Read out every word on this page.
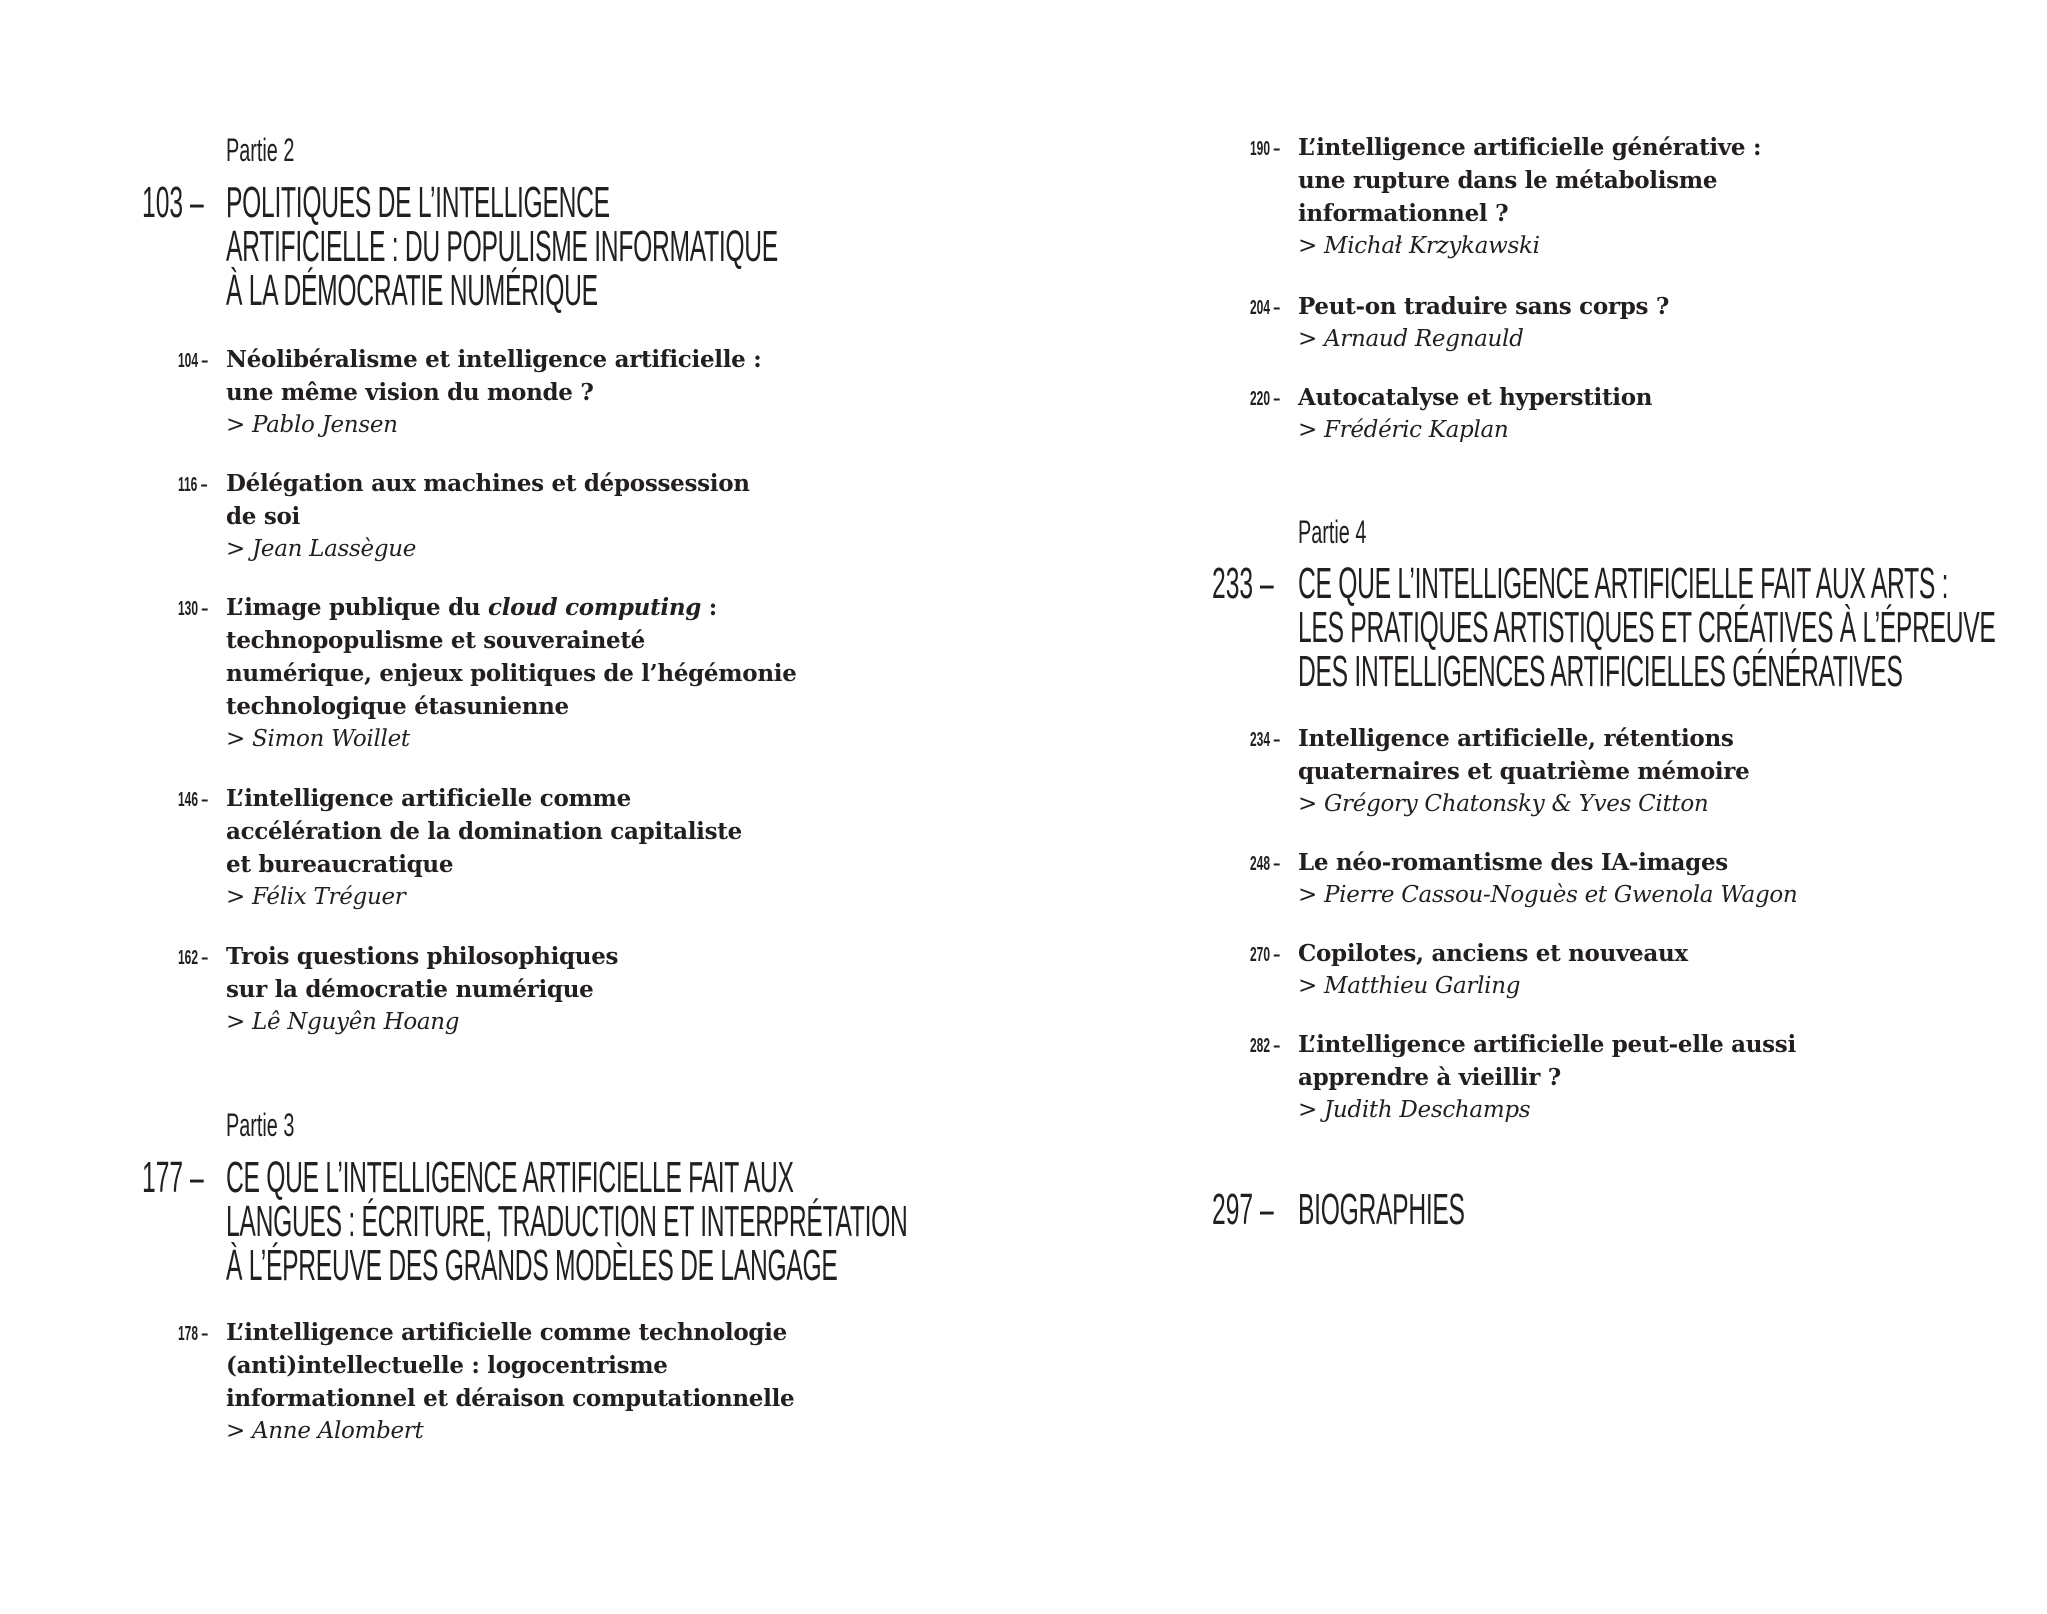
Partie 2
103 – POLITIQUES DE L’INTELLIGENCE
ARTIFICIELLE : DU POPULISME INFORMATIQUE
À LA DÉMOCRATIE NUMÉRIQUE
104 – Néolibéralisme et intelligence artificielle :
une même vision du monde ?
> Pablo Jensen
116 – Délégation aux machines et dépossession
de soi
> Jean Lassègue
130 – L’image publique du cloud computing :
technopopulisme et souveraineté
numérique, enjeux politiques de l’hégémonie
technologique étasunienne
> Simon Woillet
146 – L’intelligence artificielle comme
accélération de la domination capitaliste
et bureaucratique
> Félix Tréguer
162 – Trois questions philosophiques
sur la démocratie numérique
> Lê Nguyên Hoang
Partie 3
177 – CE QUE L’INTELLIGENCE ARTIFICIELLE FAIT AUX
LANGUES : ÉCRITURE, TRADUCTION ET INTERPRÉTATION
À L’ÉPREUVE DES GRANDS MODÈLES DE LANGAGE
178 – L’intelligence artificielle comme technologie
(anti)intellectuelle : logocentrisme
informationnel et déraison computationnelle
> Anne Alombert
190 – L’intelligence artificielle générative :
une rupture dans le métabolisme
informationnel ?
> Michał Krzykawski
204 – Peut-on traduire sans corps ?
> Arnaud Regnauld
220 – Autocatalyse et hyperstition
> Frédéric Kaplan
Partie 4
233 – CE QUE L’INTELLIGENCE ARTIFICIELLE FAIT AUX ARTS :
LES PRATIQUES ARTISTIQUES ET CRÉATIVES À L’ÉPREUVE
DES INTELLIGENCES ARTIFICIELLES GÉNÉRATIVES
234 – Intelligence artificielle, rétentions
quaternaires et quatrième mémoire
> Grégory Chatonsky & Yves Citton
248 – Le néo-romantisme des IA-images
> Pierre Cassou-Noguès et Gwenola Wagon
270 – Copilotes, anciens et nouveaux
> Matthieu Garling
282 – L’intelligence artificielle peut-elle aussi
apprendre à vieillir ?
> Judith Deschamps
297 – BIOGRAPHIES
